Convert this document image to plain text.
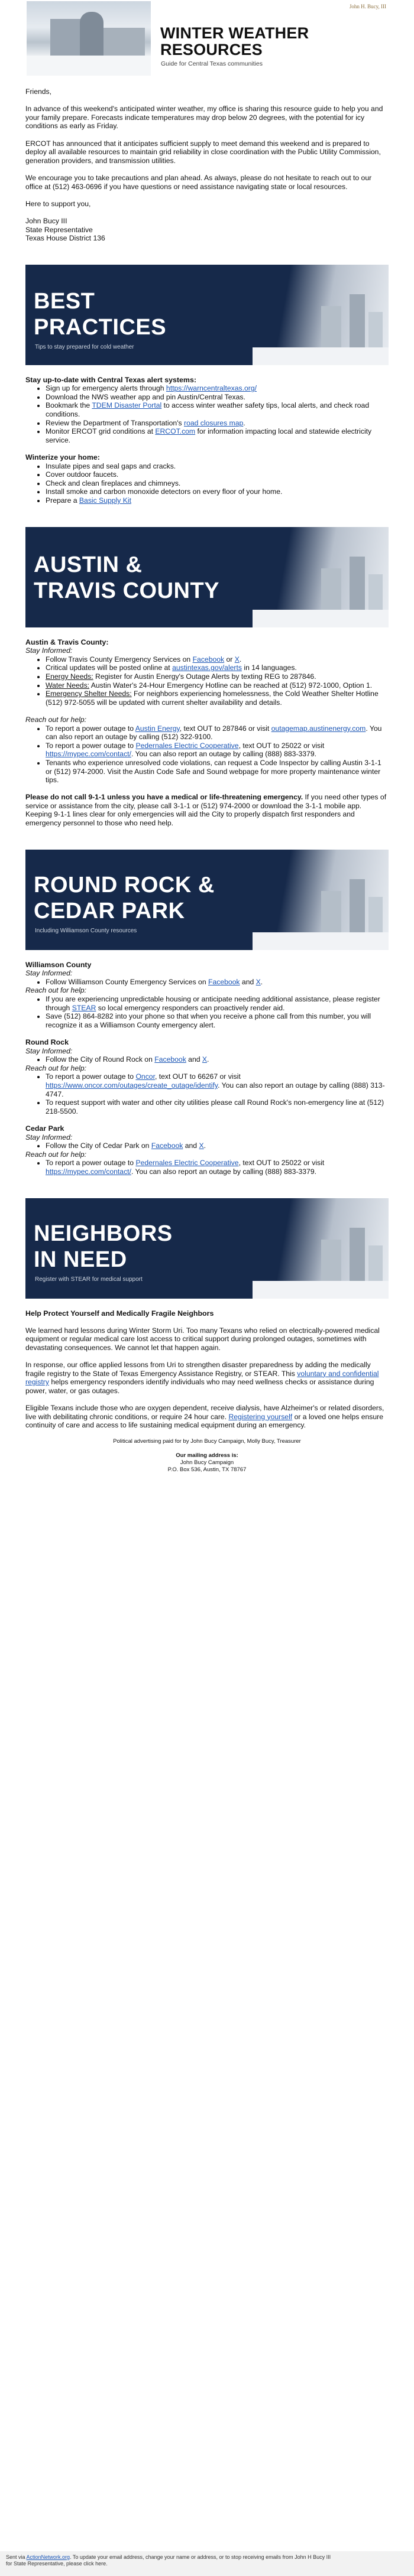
John H. Bucy, III
WINTER WEATHER
RESOURCES
Guide for Central Texas communities

Friends,

In advance of this weekend's anticipated winter weather, my office is sharing this resource guide to help you and your family prepare. Forecasts indicate temperatures may drop below 20 degrees, with the potential for icy conditions as early as Friday.

ERCOT has announced that it anticipates sufficient supply to meet demand this weekend and is prepared to deploy all available resources to maintain grid reliability in close coordination with the Public Utility Commission, generation providers, and transmission utilities.

We encourage you to take precautions and plan ahead. As always, please do not hesitate to reach out to our office at (512) 463-0696 if you have questions or need assistance navigating state or local resources.

Here to support you,

John Bucy III

State Representative

Texas House District 136

BEST
PRACTICES
Tips to stay prepared for cold weather
Stay up-to-date with Central Texas alert systems:
• Sign up for emergency alerts through https://warncentraltexas.org/
• Download the NWS weather app and pin Austin/Central Texas.
• Bookmark the TDEM Disaster Portal to access winter weather safety tips, local alerts, and check road conditions.
• Review the Department of Transportation's road closures map.
• Monitor ERCOT grid conditions at ERCOT.com for information impacting local and statewide electricity service.
Winterize your home:
• Insulate pipes and seal gaps and cracks.
• Cover outdoor faucets.
• Check and clean fireplaces and chimneys.
• Install smoke and carbon monoxide detectors on every floor of your home.
• Prepare a Basic Supply Kit
AUSTIN &
TRAVIS COUNTY
Austin & Travis County:
Stay Informed:
• Follow Travis County Emergency Services on Facebook or X.
• Critical updates will be posted online at austintexas.gov/alerts in 14 languages.
• Energy Needs: Register for Austin Energy's Outage Alerts by texting REG to 287846.
• Water Needs: Austin Water's 24-Hour Emergency Hotline can be reached at (512) 972-1000, Option 1.
• Emergency Shelter Needs: For neighbors experiencing homelessness, the Cold Weather Shelter Hotline (512) 972-5055 will be updated with current shelter availability and details.
Reach out for help:
• To report a power outage to Austin Energy, text OUT to 287846 or visit outagemap.austinenergy.com. You can also report an outage by calling (512) 322-9100.
• To report a power outage to Pedernales Electric Cooperative, text OUT to 25022 or visit https://mypec.com/contact/. You can also report an outage by calling (888) 883-3379.
• Tenants who experience unresolved code violations, can request a Code Inspector by calling Austin 3-1-1 or (512) 974-2000. Visit the Austin Code Safe and Sound webpage for more property maintenance winter tips.

Please do not call 9-1-1 unless you have a medical or life-threatening emergency. If you need other types of service or assistance from the city, please call 3-1-1 or (512) 974-2000 or download the 3-1-1 mobile app. Keeping 9-1-1 lines clear for only emergencies will aid the City to properly dispatch first responders and emergency personnel to those who need help.

ROUND ROCK &
CEDAR PARK
Including Williamson County resources
Williamson County
Stay Informed:
• Follow Williamson County Emergency Services on Facebook and X.
Reach out for help:
• If you are experiencing unpredictable housing or anticipate needing additional assistance, please register through STEAR so local emergency responders can proactively render aid.
• Save (512) 864-8282 into your phone so that when you receive a phone call from this number, you will recognize it as a Williamson County emergency alert.
Round Rock
Stay Informed:
• Follow the City of Round Rock on Facebook and X.
Reach out for help:
• To report a power outage to Oncor, text OUT to 66267 or visit https://www.oncor.com/outages/create_outage/identify. You can also report an outage by calling (888) 313-4747.
• To request support with water and other city utilities please call Round Rock's non-emergency line at (512) 218-5500.
Cedar Park
Stay Informed:
• Follow the City of Cedar Park on Facebook and X.
Reach out for help:
• To report a power outage to Pedernales Electric Cooperative, text OUT to 25022 or visit https://mypec.com/contact/. You can also report an outage by calling (888) 883-3379.
NEIGHBORS
IN NEED
Register with STEAR for medical support

Help Protect Yourself and Medically Fragile Neighbors

We learned hard lessons during Winter Storm Uri. Too many Texans who relied on electrically-powered medical equipment or regular medical care lost access to critical support during prolonged outages, sometimes with devastating consequences. We cannot let that happen again.

In response, our office applied lessons from Uri to strengthen disaster preparedness by adding the medically fragile registry to the State of Texas Emergency Assistance Registry, or STEAR. This voluntary and confidential registry helps emergency responders identify individuals who may need wellness checks or assistance during power, water, or gas outages.

Eligible Texans include those who are oxygen dependent, receive dialysis, have Alzheimer's or related disorders, live with debilitating chronic conditions, or require 24 hour care. Registering yourself or a loved one helps ensure continuity of care and access to life sustaining medical equipment during an emergency.

Political advertising paid for by John Bucy Campaign, Molly Bucy, Treasurer
Our mailing address is:
John Bucy Campaign
P.O. Box 536, Austin, TX 78767
Sent via ActionNetwork.org. To update your email address, change your name or address, or to stop receiving emails from John H Bucy III
for State Representative, please click here.
